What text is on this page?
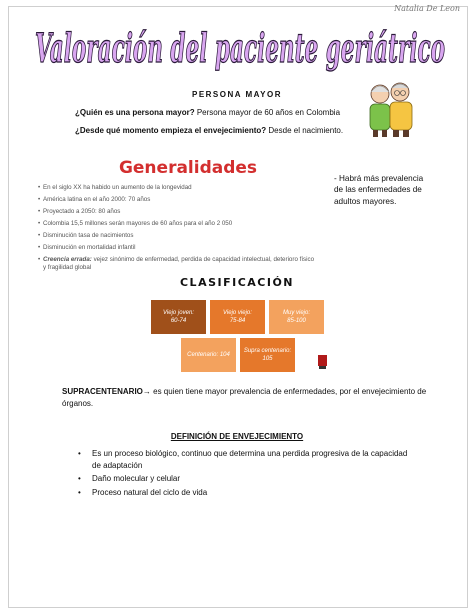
Natalia De Leon
Valoración del paciente geriátrico
PERSONA MAYOR
¿Quién es una persona mayor? Persona mayor de 60 años en Colombia
¿Desde qué momento empieza el envejecimiento? Desde el nacimiento.
Generalidades
• En el siglo XX ha habido un aumento de la longevidad
• América latina en el año 2000: 70 años
• Proyectado a 2050: 80 años
• Colombia 15,5 millones serán mayores de 60 años para el año 2 050
• Disminución tasa de nacimientos
• Disminución en mortalidad infantil
• Creencia errada: vejez sinónimo de enfermedad, perdida de capacidad intelectual, deterioro físico y fragilidad global
- Habrá más prevalencia de las enfermedades de adultos mayores.
CLASIFICACIÓN
Viejo joven:
60-74
Viejo viejo:
75-84
Muy viejo:
85-100
Centenario: 104
Supra centenario:
105
SUPRACENTENARIO→ es quien tiene mayor prevalencia de enfermedades, por el envejecimiento de órganos.
DEFINICIÓN DE ENVEJECIMIENTO
• Es un proceso biológico, continuo que determina una perdida progresiva de la capacidad de adaptación
• Daño molecular y celular
• Proceso natural del ciclo de vida
